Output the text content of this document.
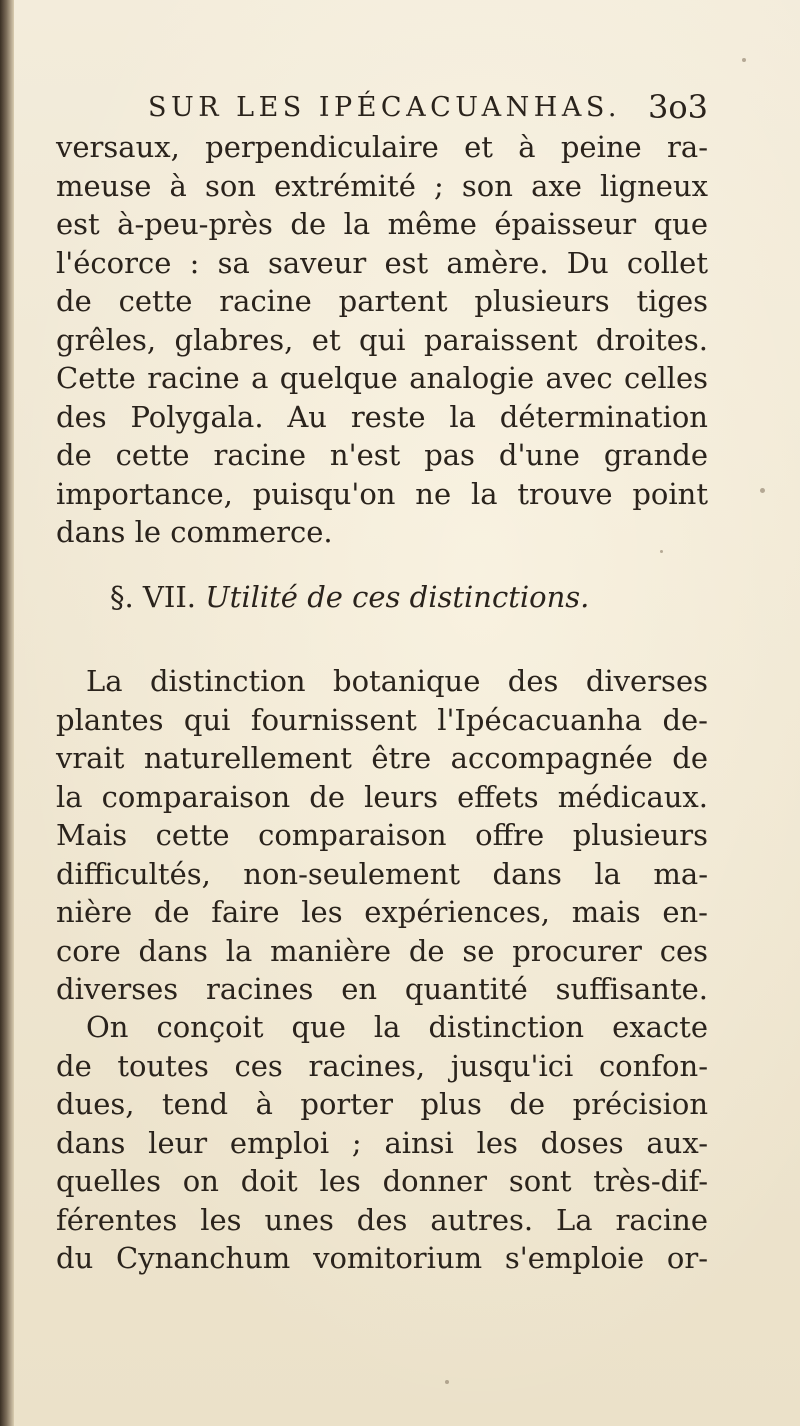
SUR LES IPÉCACUANHAS. 3o3
versaux, perpendiculaire et à peine ra-
meuse à son extrémité ; son axe ligneux
est à-peu-près de la même épaisseur que
l'écorce : sa saveur est amère. Du collet
de cette racine partent plusieurs tiges
grêles, glabres, et qui paraissent droites.
Cette racine a quelque analogie avec celles
des Polygala. Au reste la détermination
de cette racine n'est pas d'une grande
importance, puisqu'on ne la trouve point
dans le commerce.
§. VII. Utilité de ces distinctions.
La distinction botanique des diverses
plantes qui fournissent l'Ipécacuanha de-
vrait naturellement être accompagnée de
la comparaison de leurs effets médicaux.
Mais cette comparaison offre plusieurs
difficultés, non-seulement dans la ma-
nière de faire les expériences, mais en-
core dans la manière de se procurer ces
diverses racines en quantité suffisante.
On conçoit que la distinction exacte
de toutes ces racines, jusqu'ici confon-
dues, tend à porter plus de précision
dans leur emploi ; ainsi les doses aux-
quelles on doit les donner sont très-dif-
férentes les unes des autres. La racine
du Cynanchum vomitorium s'emploie or-
